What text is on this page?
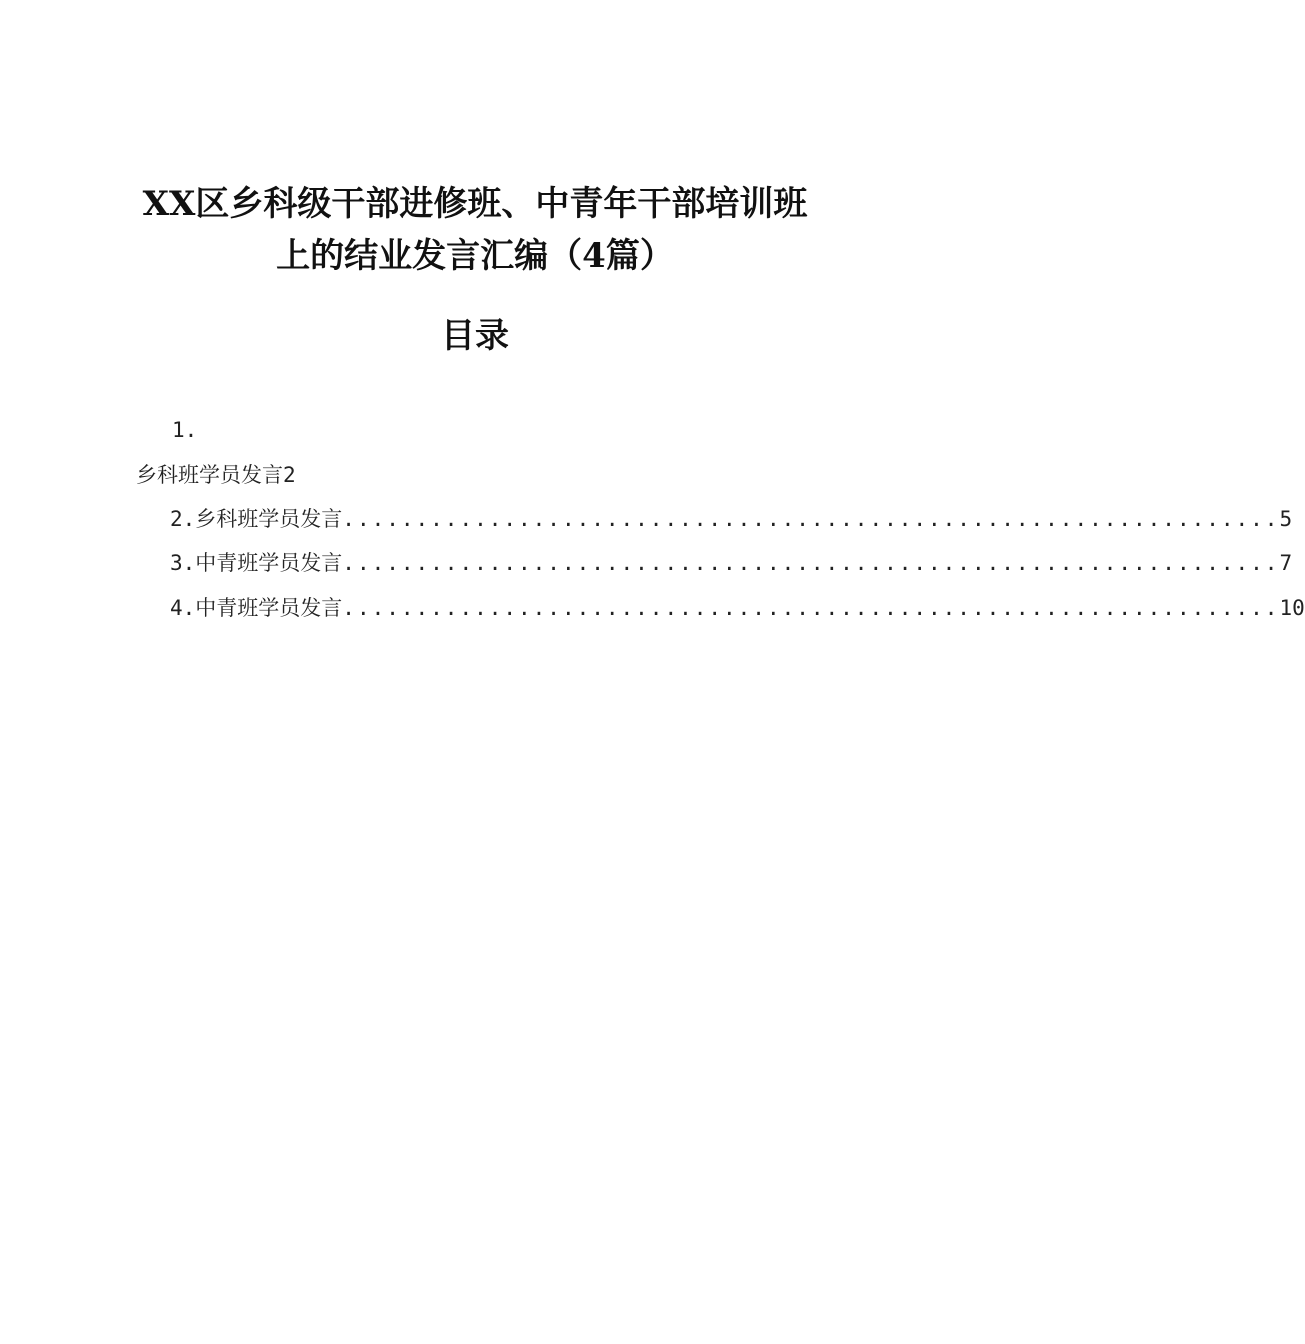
XX区乡科级干部进修班、中青年干部培训班
上的结业发言汇编（4篇）
目录
1.
乡科班学员发言2
2.乡科班学员发言 ................................................................ 5
3.中青班学员发言 ................................................................ 7
4.中青班学员发言 ................................................................ 10
